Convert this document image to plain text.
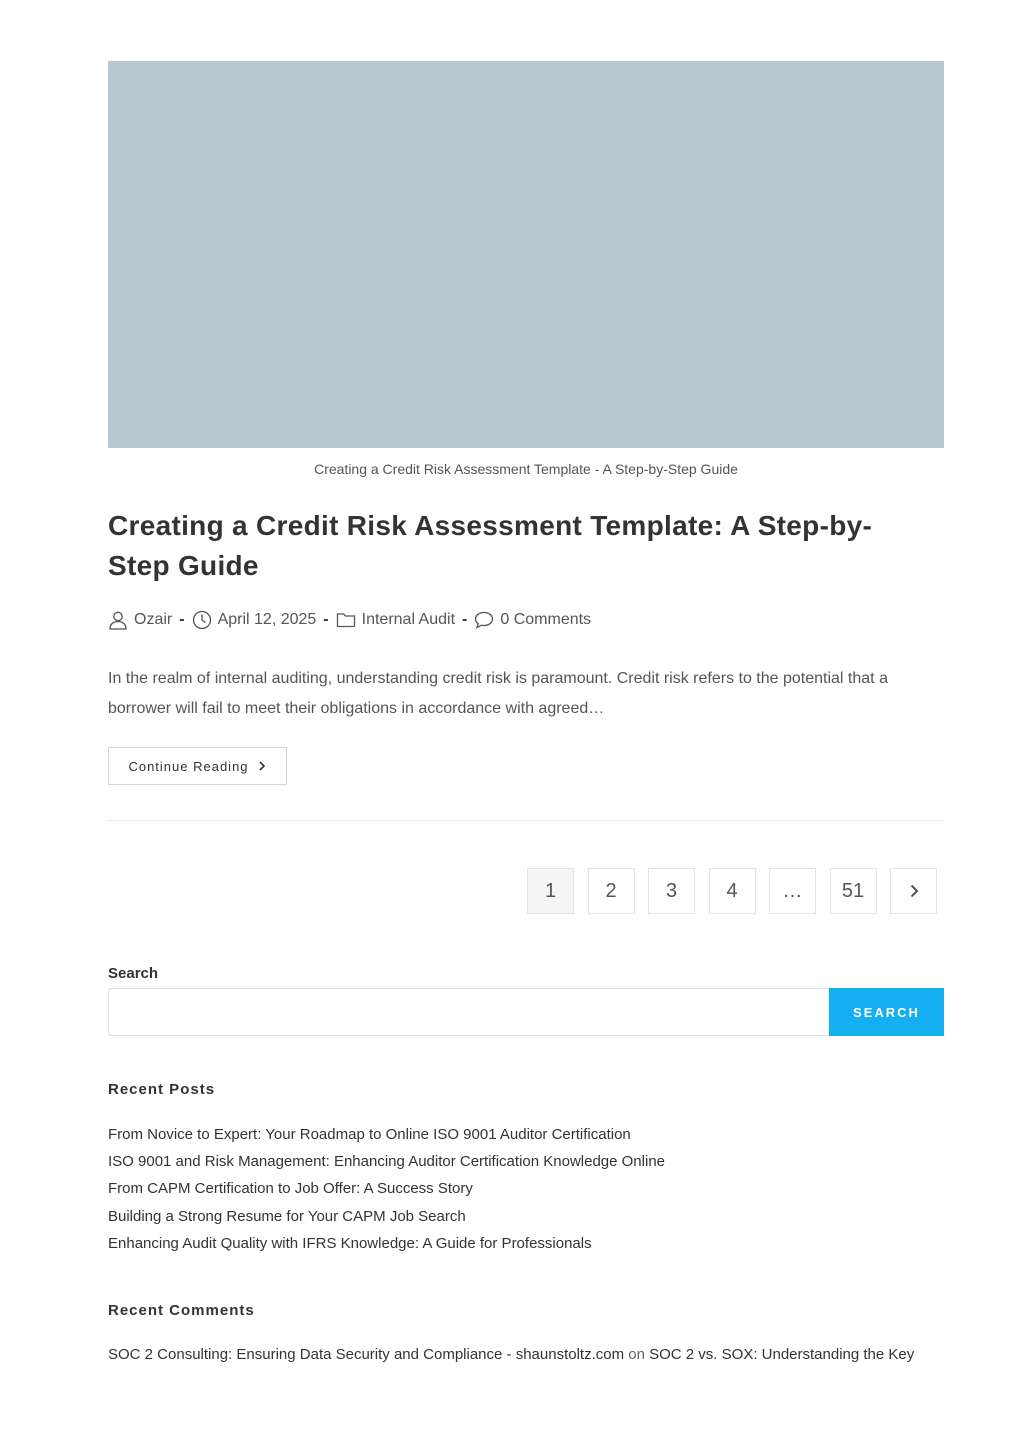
Creating a Credit Risk Assessment Template - A Step-by-Step Guide
Creating a Credit Risk Assessment Template: A Step-by-Step Guide
Ozair - April 12, 2025 - Internal Audit - 0 Comments

In the realm of internal auditing, understanding credit risk is paramount. Credit risk refers to the potential that a borrower will fail to meet their obligations in accordance with agreed…

Continue Reading
1	2	3	4	…	51
Search
SEARCH
Recent Posts
From Novice to Expert: Your Roadmap to Online ISO 9001 Auditor Certification
ISO 9001 and Risk Management: Enhancing Auditor Certification Knowledge Online
From CAPM Certification to Job Offer: A Success Story
Building a Strong Resume for Your CAPM Job Search
Enhancing Audit Quality with IFRS Knowledge: A Guide for Professionals
Recent Comments
SOC 2 Consulting: Ensuring Data Security and Compliance - shaunstoltz.com on SOC 2 vs. SOX: Understanding the Key
